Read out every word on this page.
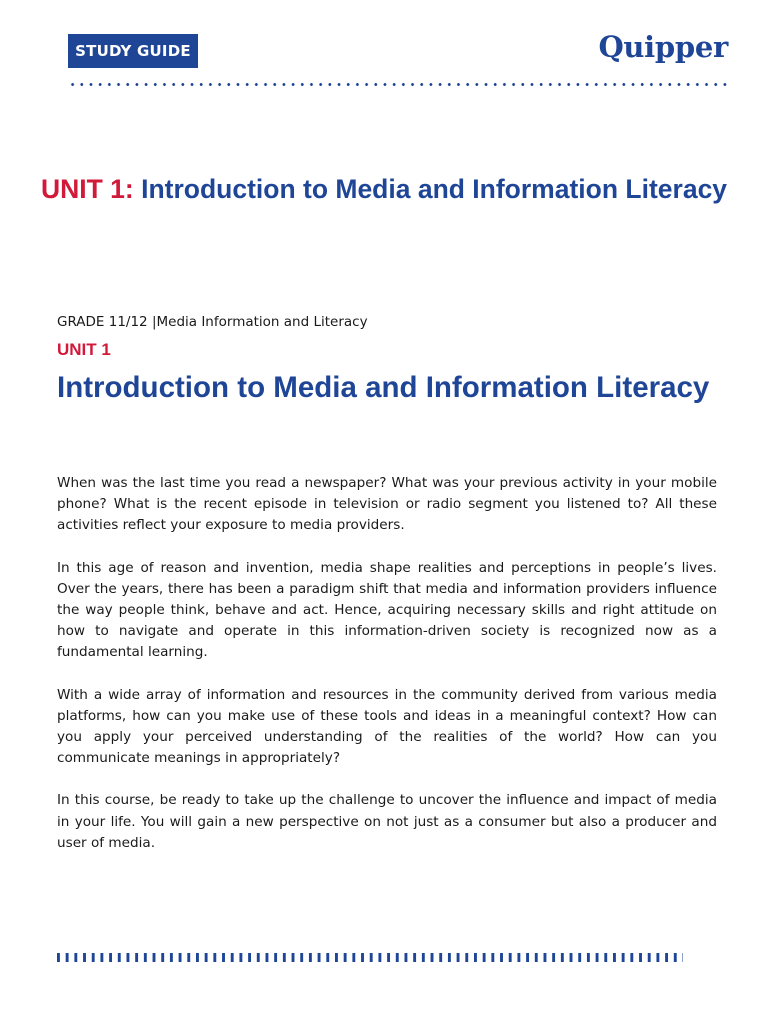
STUDY GUIDE	Quipper
UNIT 1: Introduction to Media and Information Literacy
GRADE 11/12 |Media Information and Literacy
UNIT 1
Introduction to Media and Information Literacy

When was the last time you read a newspaper? What was your previous activity in your mobile phone? What is the recent episode in television or radio segment you listened to? All these activities reflect your exposure to media providers.

In this age of reason and invention, media shape realities and perceptions in people’s lives. Over the years, there has been a paradigm shift that media and information providers influence the way people think, behave and act. Hence, acquiring necessary skills and right attitude on how to navigate and operate in this information-driven society is recognized now as a fundamental learning.

With a wide array of information and resources in the community derived from various media platforms, how can you make use of these tools and ideas in a meaningful context? How can you apply your perceived understanding of the realities of the world? How can you communicate meanings in appropriately?

In this course, be ready to take up the challenge to uncover the influence and impact of media in your life. You will gain a new perspective on not just as a consumer but also a producer and user of media.
